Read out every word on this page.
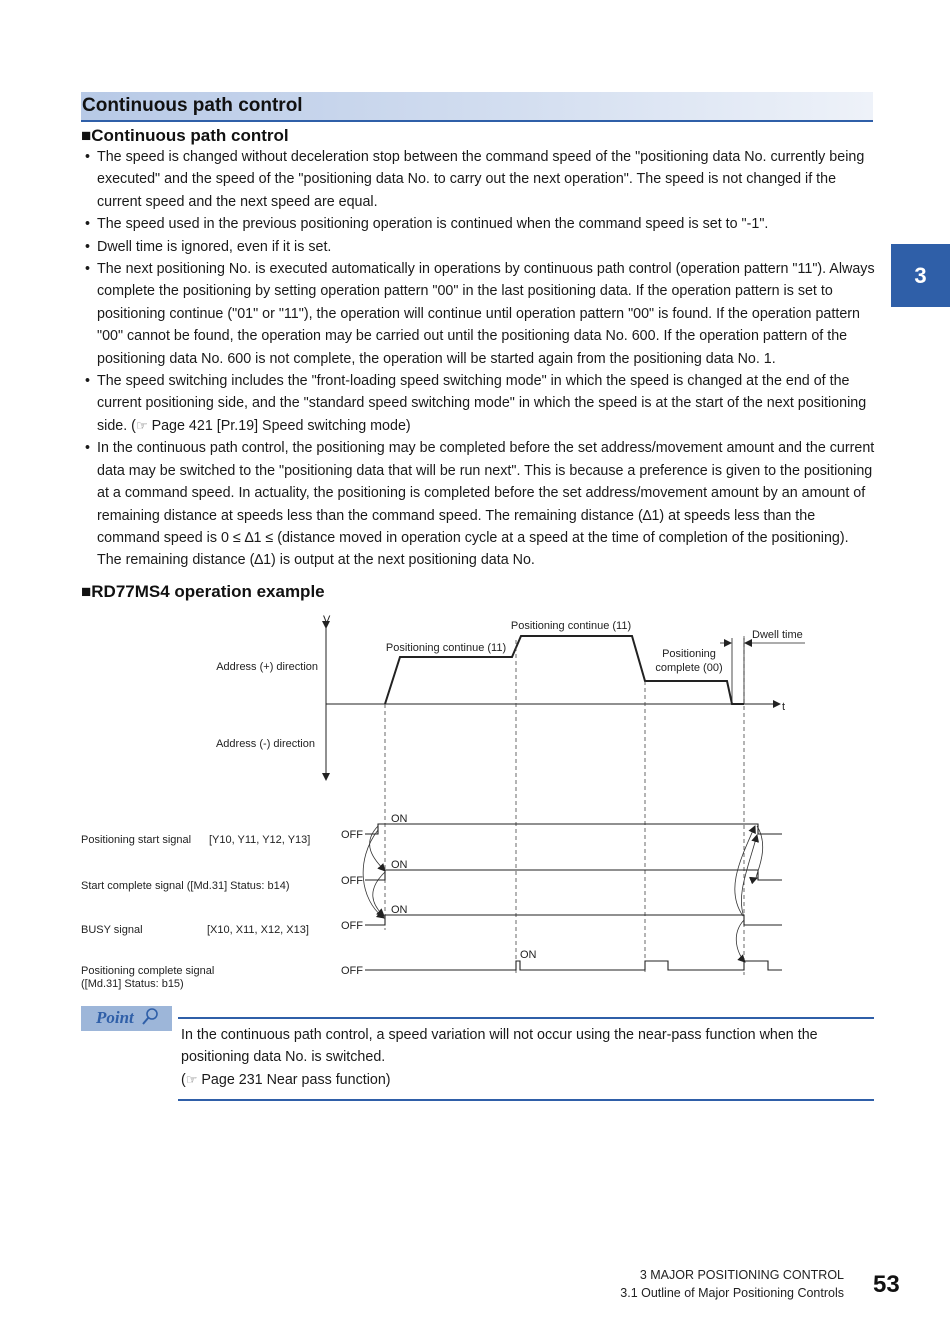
Continuous path control
■Continuous path control
• The speed is changed without deceleration stop between the command speed of the "positioning data No. currently being executed" and the speed of the "positioning data No. to carry out the next operation". The speed is not changed if the current speed and the next speed are equal.
• The speed used in the previous positioning operation is continued when the command speed is set to "-1".
• Dwell time is ignored, even if it is set.
• The next positioning No. is executed automatically in operations by continuous path control (operation pattern "11"). Always complete the positioning by setting operation pattern "00" in the last positioning data. If the operation pattern is set to positioning continue ("01" or "11"), the operation will continue until operation pattern "00" is found. If the operation pattern "00" cannot be found, the operation may be carried out until the positioning data No. 600. If the operation pattern of the positioning data No. 600 is not complete, the operation will be started again from the positioning data No. 1.
• The speed switching includes the "front-loading speed switching mode" in which the speed is changed at the end of the current positioning side, and the "standard speed switching mode" in which the speed is at the start of the next positioning side. (☞ Page 421 [Pr.19] Speed switching mode)
• In the continuous path control, the positioning may be completed before the set address/movement amount and the current data may be switched to the "positioning data that will be run next". This is because a preference is given to the positioning at a command speed. In actuality, the positioning is completed before the set address/movement amount by an amount of remaining distance at speeds less than the command speed. The remaining distance (∆1) at speeds less than the command speed is 0 ≤ ∆1 ≤ (distance moved in operation cycle at a speed at the time of completion of the positioning). The remaining distance (∆1) is output at the next positioning data No.
3
■RD77MS4 operation example
V
t
Address (+) direction
Address (-) direction
Positioning continue (11)
Positioning continue (11)
Positioning
complete (00)
Dwell time
Positioning start signal [Y10, Y11, Y12, Y13]
Start complete signal ([Md.31] Status: b14)
BUSY signal	[X10, X11, X12, X13]
Positioning complete signal
([Md.31] Status: b15)
OFF
ON
OFF
ON
OFF
ON
OFF
ON
Point
In the continuous path control, a speed variation will not occur using the near-pass function when the
positioning data No. is switched.
(☞ Page 231 Near pass function)
3 MAJOR POSITIONING CONTROL
3.1 Outline of Major Positioning Controls 53
